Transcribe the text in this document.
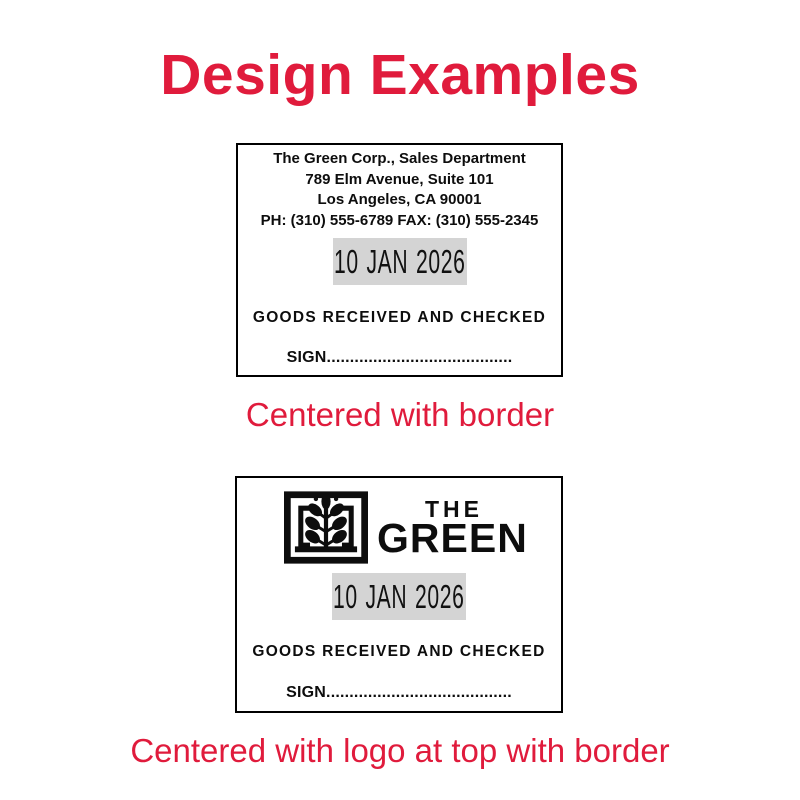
Design Examples
The Green Corp., Sales Department
789 Elm Avenue, Suite 101
Los Angeles, CA 90001
PH: (310) 555-6789 FAX: (310) 555-2345
10 JAN 2026
GOODS RECEIVED AND CHECKED
SIGN........................................
Centered with border
THE
GREEN
10 JAN 2026
GOODS RECEIVED AND CHECKED
SIGN........................................
Centered with logo at top with border
